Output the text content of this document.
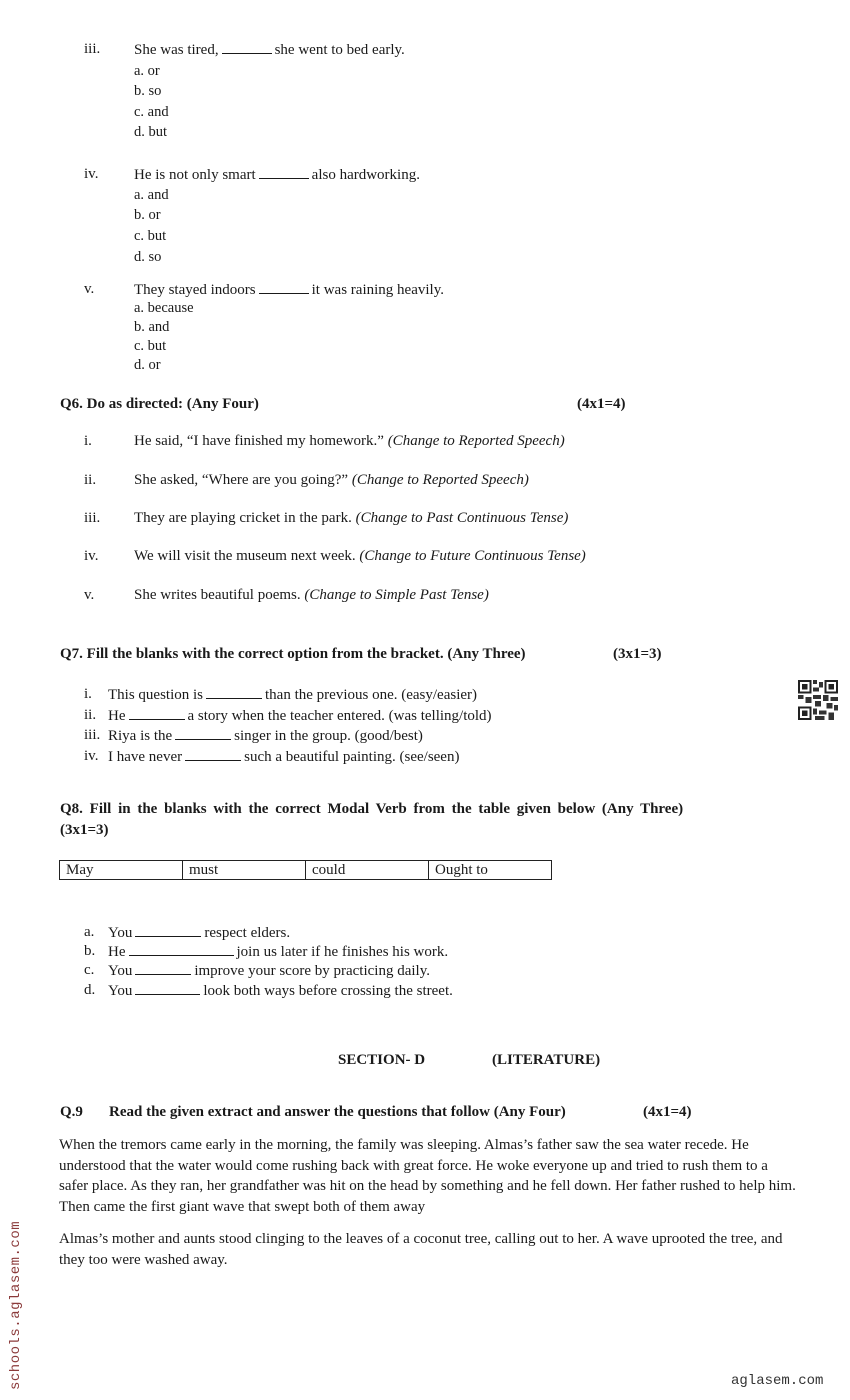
iii. She was tired,	she went to bed early.
a. or
b. so
c. and
d. but
iv. He is not only smart	also hardworking.
a. and
b. or
c. but
d. so
v.	They stayed indoors	it was raining heavily.
a. because
b. and
c. but
d. or
Q6. Do as directed: (Any Four)	(4x1=4)
i.	He said, “I have finished my homework.” (Change to Reported Speech)
ii.	She asked, “Where are you going?” (Change to Reported Speech)
iii. They are playing cricket in the park. (Change to Past Continuous Tense)
iv. We will visit the museum next week. (Change to Future Continuous Tense)
v.	She writes beautiful poems. (Change to Simple Past Tense)
Q7. Fill the blanks with the correct option from the bracket. (Any Three)	(3x1=3)
i. This question is	than the previous one. (easy/easier)
ii. He	a story when the teacher entered. (was telling/told)
iii. Riya is the	singer in the group. (good/best)
iv. I have never	such a beautiful painting. (see/seen)
Q8. Fill in the blanks with the correct Modal Verb from the table given below (Any Three)
(3x1=3)
May	must	could	Ought to
a. You	respect elders.
b. He	join us later if he finishes his work.
c. You	improve your score by practicing daily.
d. You	look both ways before crossing the street.
SECTION- D	(LITERATURE)
Q.9 Read the given extract and answer the questions that follow (Any Four)	(4x1=4)

When the tremors came early in the morning, the family was sleeping. Almas’s father saw the sea water recede. He understood that the water would come rushing back with great force. He woke everyone up and tried to rush them to a safer place. As they ran, her grandfather was hit on the head by something and he fell down. Her father rushed to help him. Then came the first giant wave that swept both of them away

Almas’s mother and aunts stood clinging to the leaves of a coconut tree, calling out to her. A wave uprooted the tree, and they too were washed away.

schools.aglasem.com	aglasem.com
